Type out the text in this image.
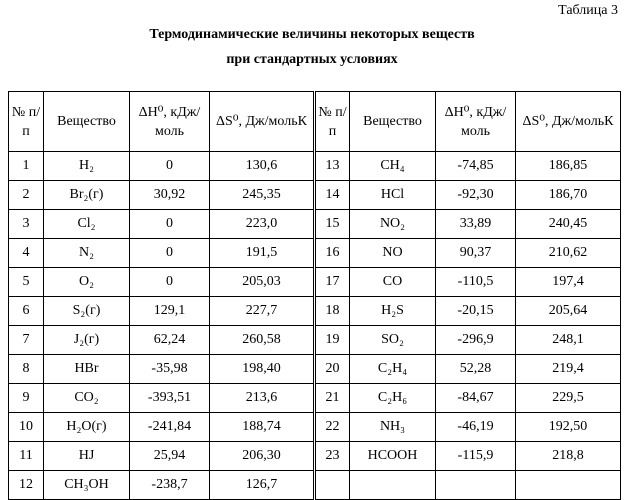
Таблица 3
Термодинамические величины некоторых веществ
при стандартных условиях
№ п/п	Вещество	ΔH⁰, кДж/моль	ΔS⁰, Дж/мольК	№ п/п	Вещество	ΔH⁰, кДж/моль	ΔS⁰, Дж/мольК
1	H₂	0	130,6	13	CH₄	-74,85	186,85
2	Br₂(г)	30,92	245,35	14	HCl	-92,30	186,70
3	Cl₂	0	223,0	15	NO₂	33,89	240,45
4	N₂	0	191,5	16	NO	90,37	210,62
5	O₂	0	205,03	17	CO	-110,5	197,4
6	S₂(г)	129,1	227,7	18	H₂S	-20,15	205,64
7	J₂(г)	62,24	260,58	19	SO₂	-296,9	248,1
8	HBr	-35,98	198,40	20	C₂H₄	52,28	219,4
9	CO₂	-393,51	213,6	21	C₂H₆	-84,67	229,5
10	H₂O(г)	-241,84	188,74	22	NH₃	-46,19	192,50
11	HJ	25,94	206,30	23	HCOOH	-115,9	218,8
12	CH₃OH	-238,7	126,7				
